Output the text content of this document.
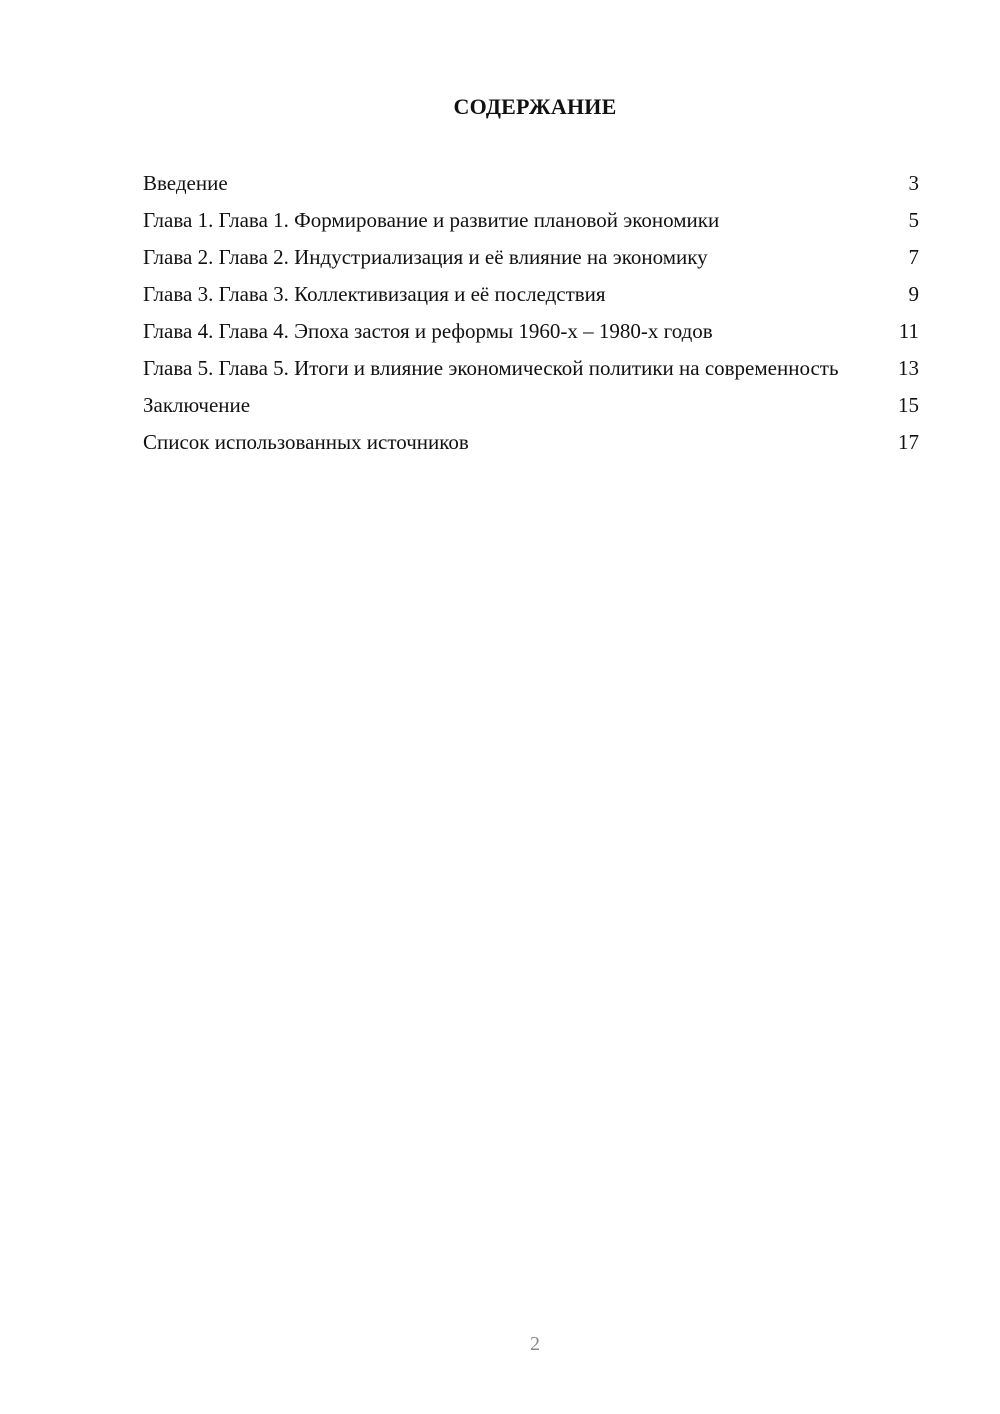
СОДЕРЖАНИЕ
Введение	3
Глава 1. Глава 1. Формирование и развитие плановой экономики	5
Глава 2. Глава 2. Индустриализация и её влияние на экономику	7
Глава 3. Глава 3. Коллективизация и её последствия	9
Глава 4. Глава 4. Эпоха застоя и реформы 1960-х – 1980-х годов	11
Глава 5. Глава 5. Итоги и влияние экономической политики на современность	13
Заключение	15
Список использованных источников	17
2
